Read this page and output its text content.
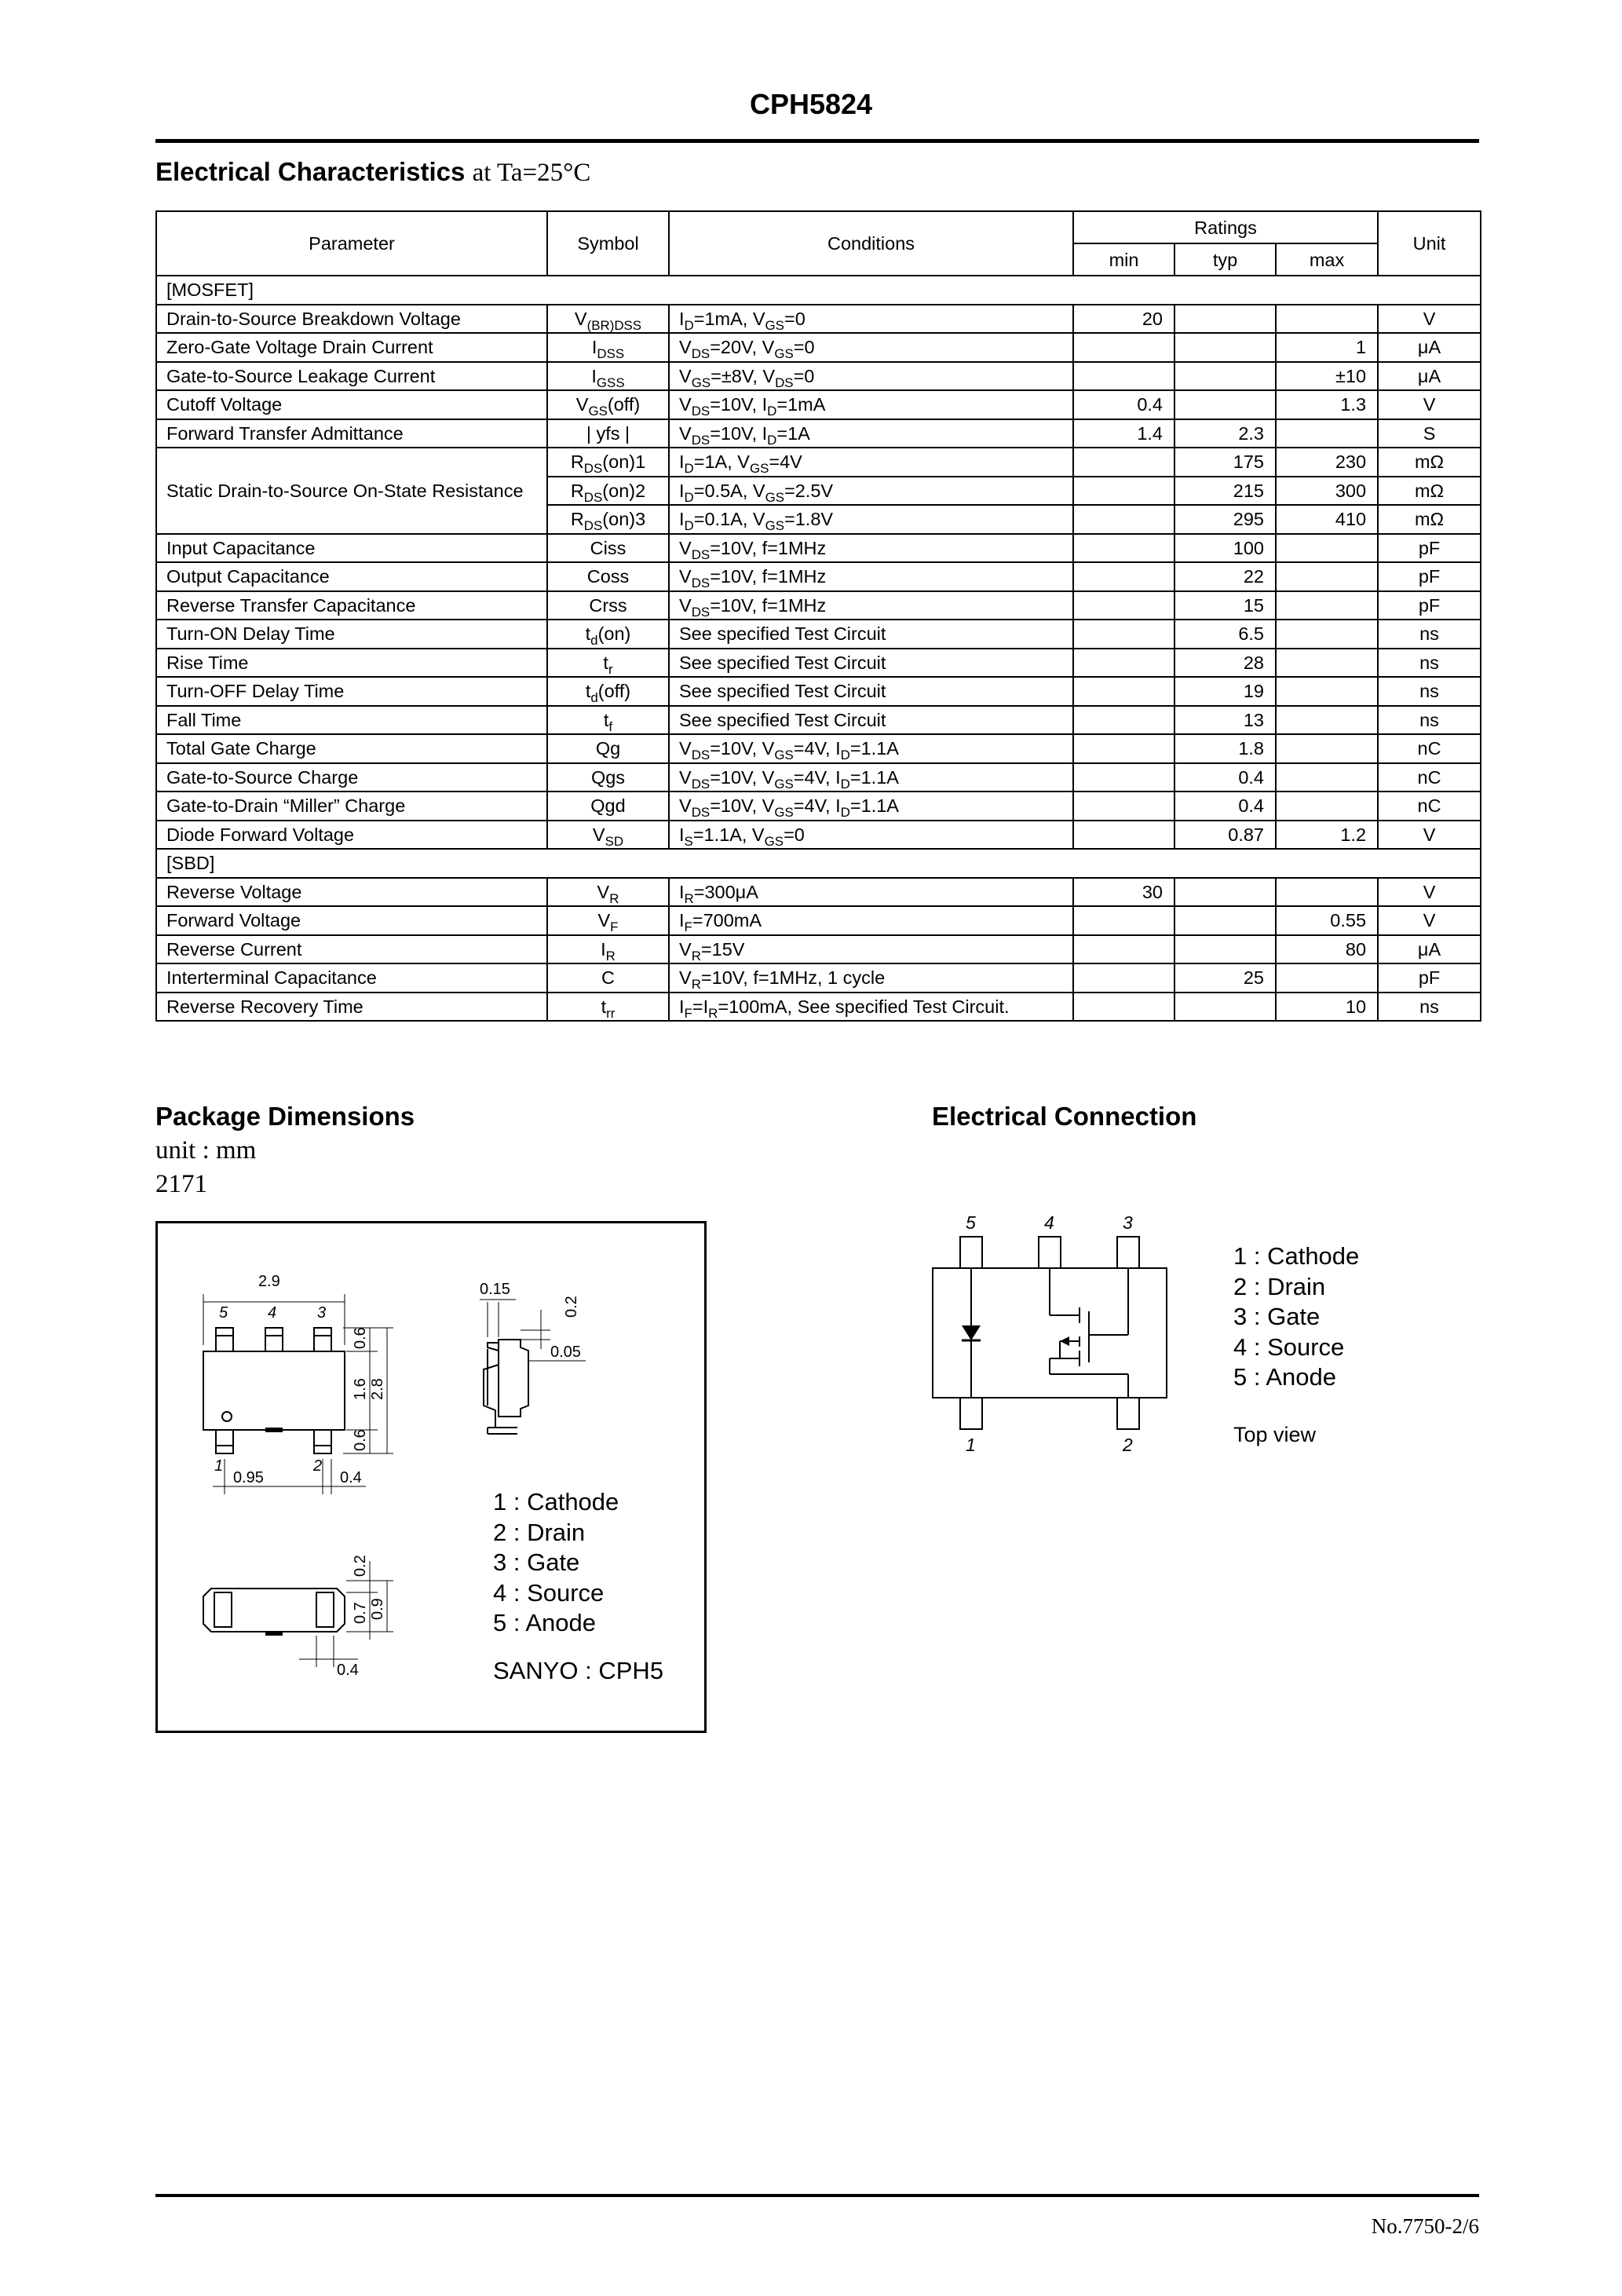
CPH5824
Electrical Characteristics at Ta=25°C
Parameter	Symbol	Conditions	Ratings			Unit
			min	typ	max	
[MOSFET]						
Drain-to-Source Breakdown Voltage	$V_{(BR)DSS}$	$I_D=1mA$, $V_{GS}=0$	20			V
Zero-Gate Voltage Drain Current	$I_{DSS}$	$V_{DS}=20V$, $V_{GS}=0$			1	μA
Gate-to-Source Leakage Current	$I_{GSS}$	$V_{GS}=\pm 8V$, $V_{DS}=0$			±10	μA
Cutoff Voltage	$V_{GS}(off)$	$V_{DS}=10V$, $I_D=1mA$	0.4		1.3	V
Forward Transfer Admittance	| yfs |	$V_{DS}=10V$, $I_D=1A$	1.4	2.3		S
Static Drain-to-Source On-State Resistance	$R_{DS}(on)1$	$I_D=1A$, $V_{GS}=4V$		175	230	mΩ
	$R_{DS}(on)2$	$I_D=0.5A$, $V_{GS}=2.5V$		215	300	mΩ
	$R_{DS}(on)3$	$I_D=0.1A$, $V_{GS}=1.8V$		295	410	mΩ
Input Capacitance	Ciss	$V_{DS}=10V$, f=1MHz		100		pF
Output Capacitance	Coss	$V_{DS}=10V$, f=1MHz		22		pF
Reverse Transfer Capacitance	Crss	$V_{DS}=10V$, f=1MHz		15		pF
Turn-ON Delay Time	$t_d(on)$	See specified Test Circuit		6.5		ns
Rise Time	$t_r$	See specified Test Circuit		28		ns
Turn-OFF Delay Time	$t_d(off)$	See specified Test Circuit		19		ns
Fall Time	$t_f$	See specified Test Circuit		13		ns
Total Gate Charge	Qg	$V_{DS}=10V$, $V_{GS}=4V$, $I_D=1.1A$		1.8		nC
Gate-to-Source Charge	Qgs	$V_{DS}=10V$, $V_{GS}=4V$, $I_D=1.1A$		0.4		nC
Gate-to-Drain “Miller” Charge	Qgd	$V_{DS}=10V$, $V_{GS}=4V$, $I_D=1.1A$		0.4		nC
Diode Forward Voltage	$V_{SD}$	$I_S=1.1A$, $V_{GS}=0$		0.87	1.2	V
[SBD]						
Reverse Voltage	$V_R$	$I_R=300\mu A$	30			V
Forward Voltage	$V_F$	$I_F=700mA$			0.55	V
Reverse Current	$I_R$	$V_R=15V$			80	μA
Interterminal Capacitance	C	$V_R=10V$, f=1MHz, 1 cycle		25		pF
Reverse Recovery Time	$t_{rr}$	$I_F=I_R=100mA$, See specified Test Circuit.			10	ns
Package Dimensions
unit : mm
2171
2.9
5	4	3
1	2
0.95	0.4
0.6
1.6
0.6
2.8
0.15
0.2
0.05
0.2
0.7 0.9
0.4
1 : Cathode
2 : Drain
3 : Gate
4 : Source
5 : Anode
SANYO : CPH5
Electrical Connection
5	4	3
1	2
1 : Cathode
2 : Drain
3 : Gate
4 : Source
5 : Anode
Top view
No.7750-2/6
